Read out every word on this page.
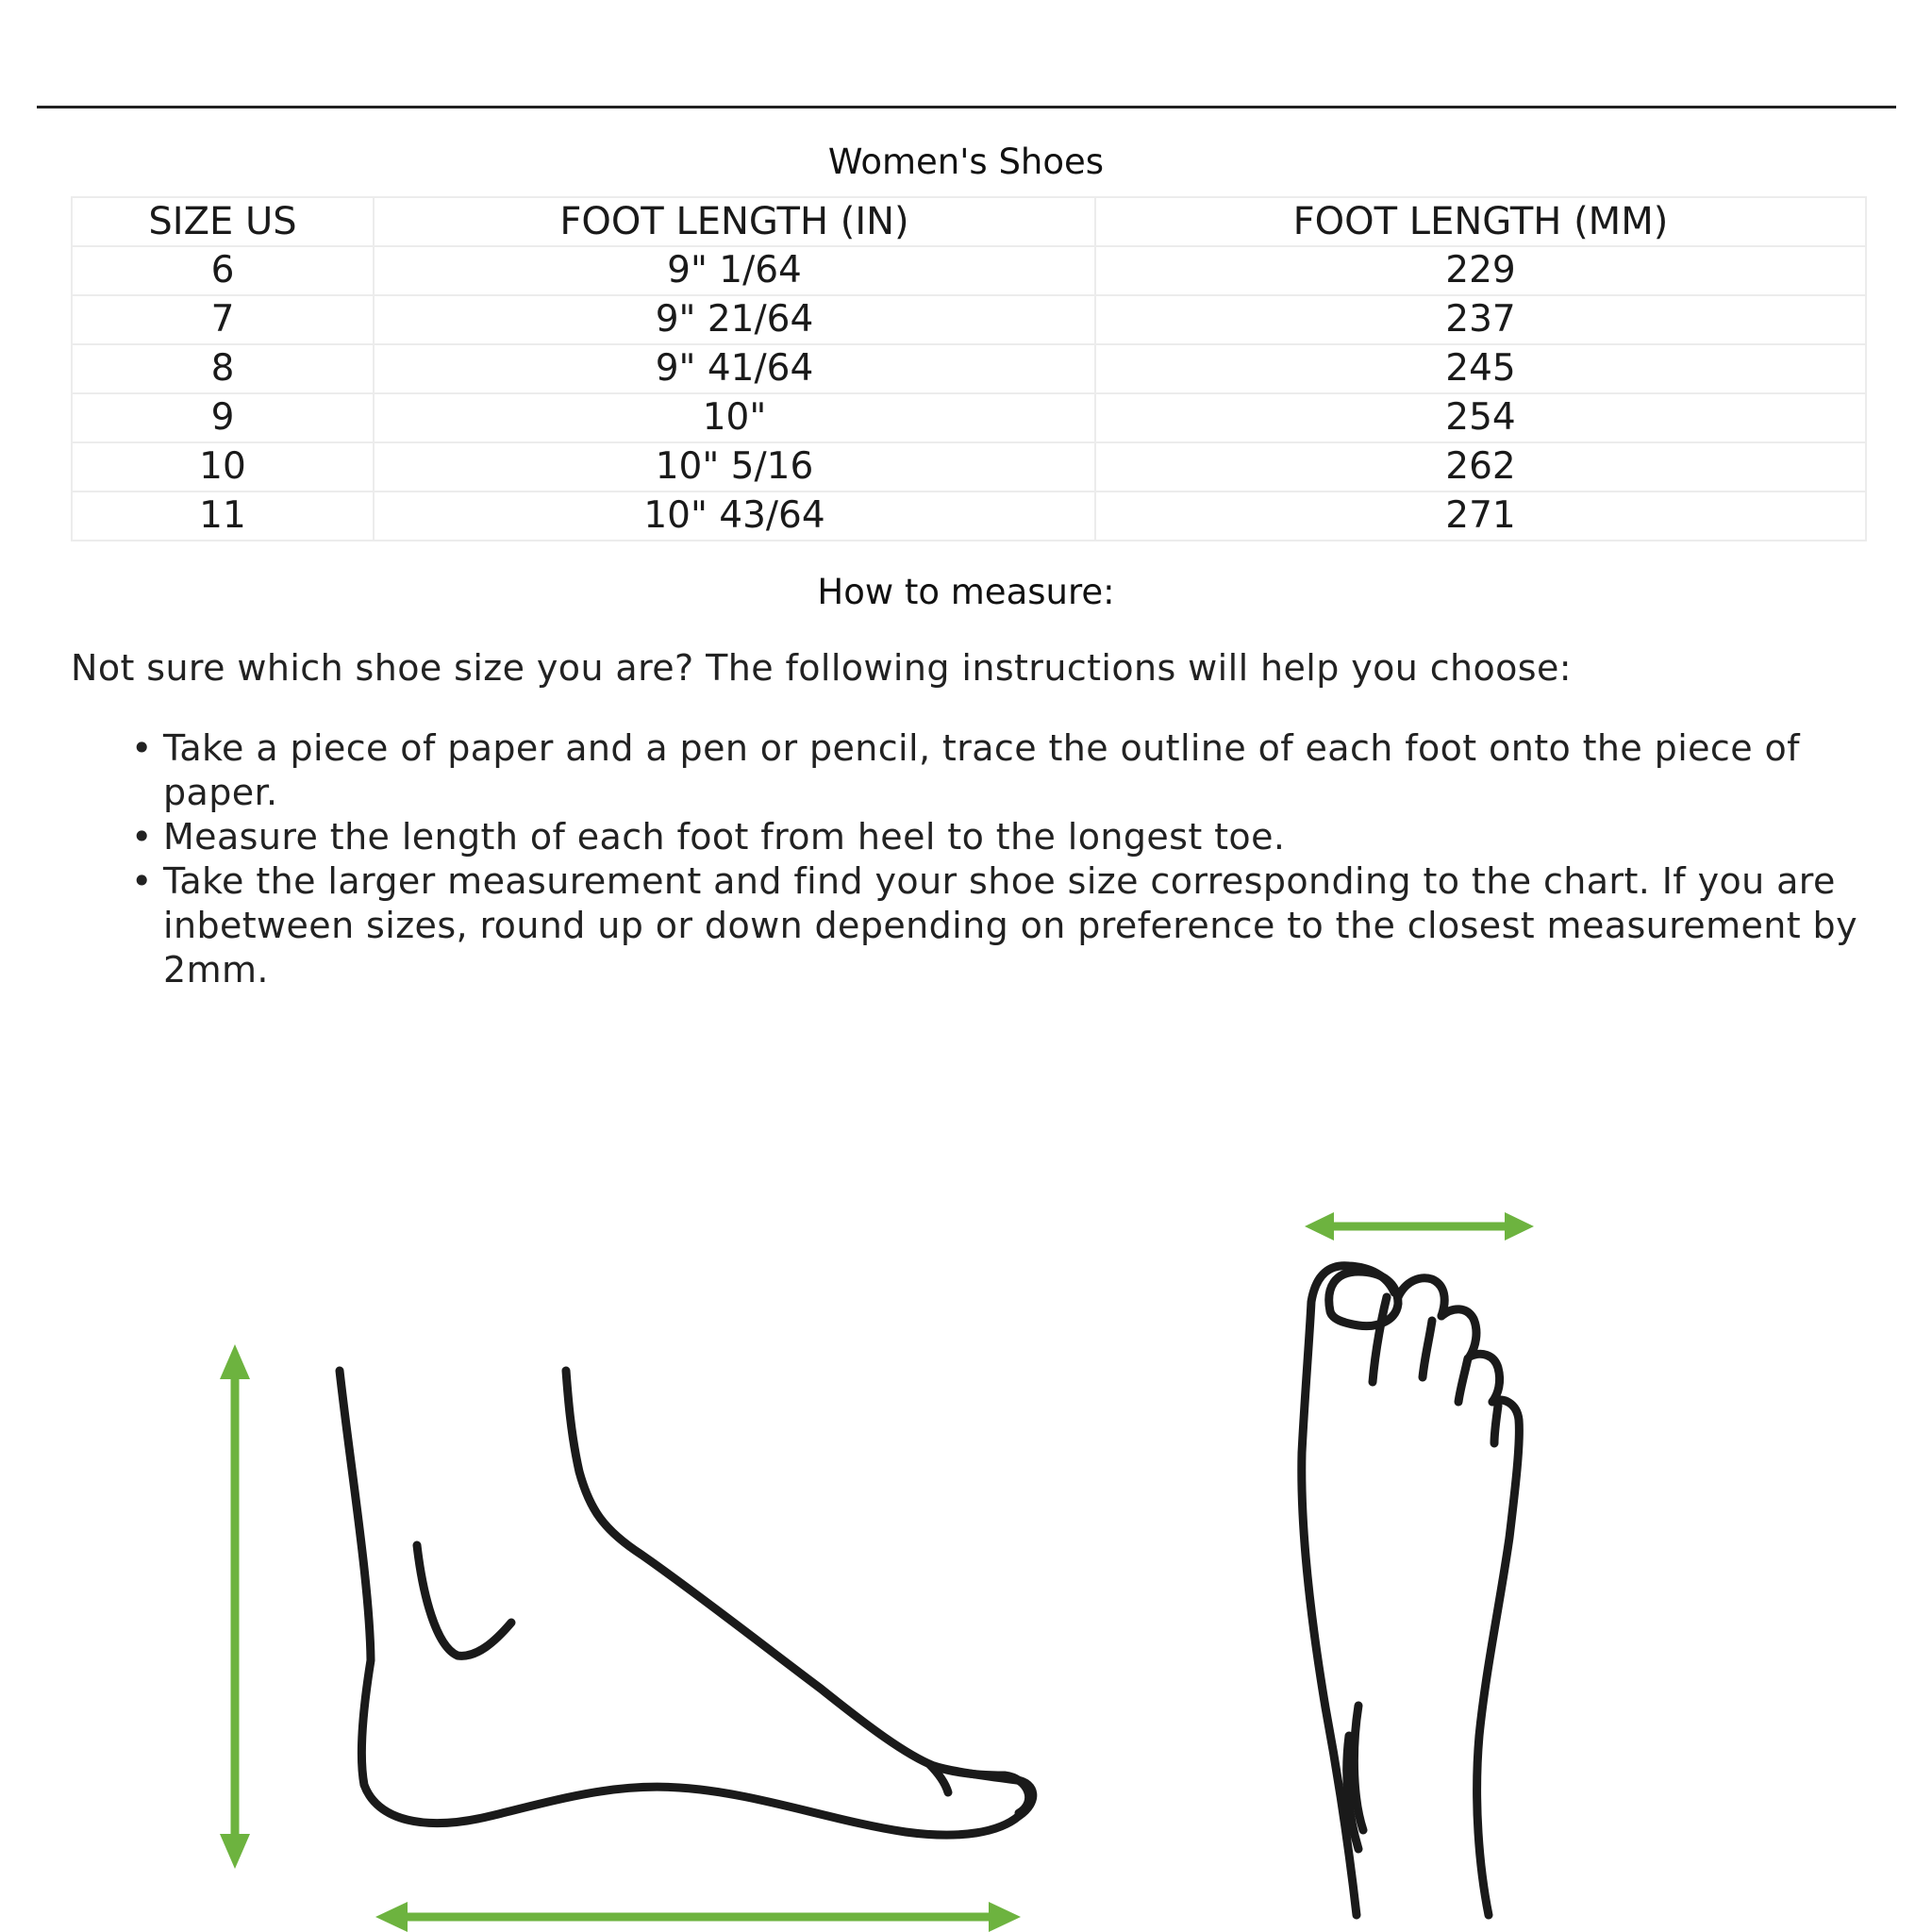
Women's Shoes
SIZE US	FOOT LENGTH (IN)	FOOT LENGTH (MM)
6	9" 1/64	229
7	9" 21/64	237
8	9" 41/64	245
9	10"	254
10	10" 5/16	262
11	10" 43/64	271
How to measure:
Not sure which shoe size you are? The following instructions will help you choose:
• Take a piece of paper and a pen or pencil, trace the outline of each foot onto the piece of paper.
• Measure the length of each foot from heel to the longest toe.
• Take the larger measurement and find your shoe size corresponding to the chart. If you are inbetween sizes, round up or down depending on preference to the closest measurement by 2mm.
